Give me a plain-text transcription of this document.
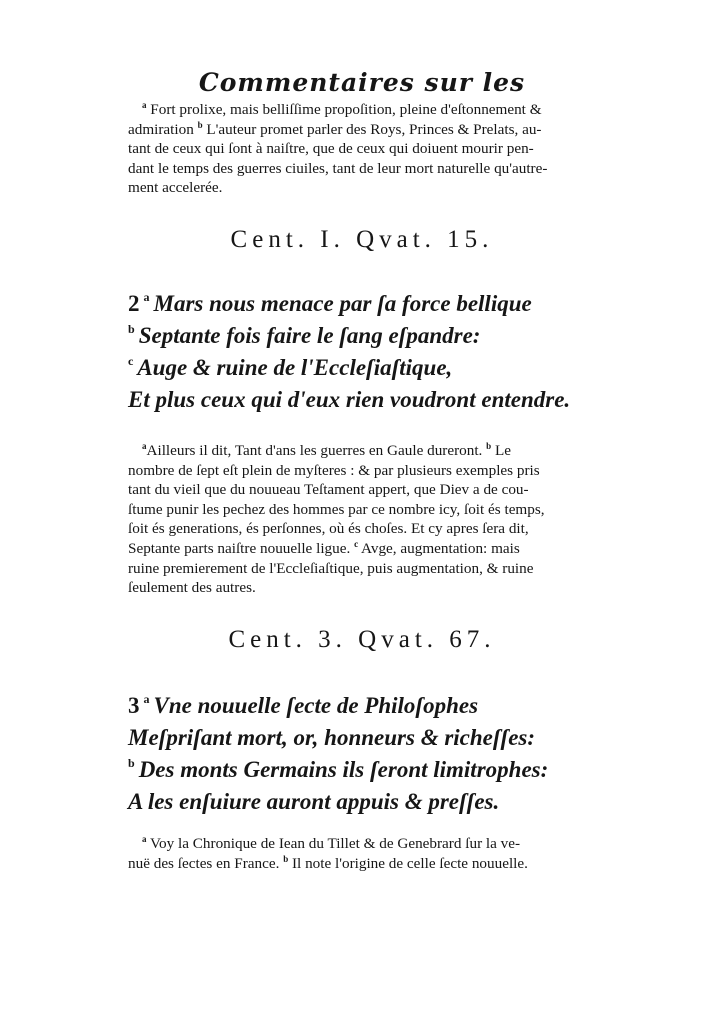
Commentaires sur les
$^a$ Fort prolixe, mais belliſſime propoſition, pleine d'eſtonnement &
admiration $^b$ L'auteur promet parler des Roys, Princes & Prelats, au-
tant de ceux qui ſont à naiſtre, que de ceux qui doiuent mourir pen-
dant le temps des guerres ciuiles, tant de leur mort naturelle qu'autre-
ment accelerée.
Cent. I. Qvat. 15.
2 $^a$ Mars nous menace par ſa force bellique
$^b$ Septante fois faire le ſang eſpandre:
$^c$ Auge & ruine de l'Eccleſiaſtique,
Et plus ceux qui d'eux rien voudront entendre.
$^a$Ailleurs il dit, Tant d'ans les guerres en Gaule dureront. $^b$ Le
nombre de ſept eſt plein de myſteres : & par plusieurs exemples pris
tant du vieil que du nouueau Teſtament appert, que Diev a de cou-
ſtume punir les pechez des hommes par ce nombre icy, ſoit és temps,
ſoit és generations, és perſonnes, où és choſes. Et cy apres ſera dit,
Septante parts naiſtre nouuelle ligue. $^c$ Avge, augmentation: mais
ruine premierement de l'Eccleſiaſtique, puis augmentation, & ruine
ſeulement des autres.
Cent. 3. Qvat. 67.
3 $^a$ Vne nouuelle ſecte de Philoſophes
Meſpriſant mort, or, honneurs & richeſſes:
$^b$ Des monts Germains ils ſeront limitrophes:
A les enſuiure auront appuis & preſſes.
$^a$ Voy la Chronique de Iean du Tillet & de Genebrard ſur la ve-
nuë des ſectes en France. $^b$ Il note l'origine de celle ſecte nouuelle.
